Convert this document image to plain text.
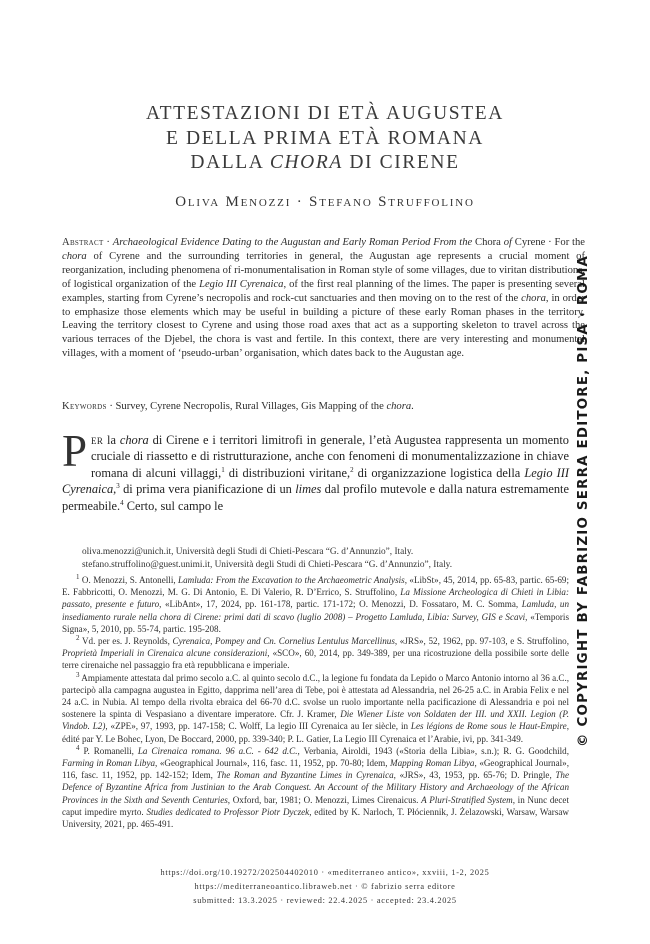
ATTESTAZIONI DI ETÀ AUGUSTEA
E DELLA PRIMA ETÀ ROMANA
DALLA CHORA DI CIRENE
Oliva Menozzi · Stefano Struffolino
Abstract · Archaeological Evidence Dating to the Augustan and Early Roman Period From the Chora of Cyrene · For the chora of Cyrene and the surrounding territories in general, the Augustan age represents a crucial moment of reorganization, including phenomena of ri-monumentalisation in Roman style of some villages, due to viritan distributions, of logistical organization of the Legio III Cyrenaica, of the first real planning of the limes. The paper is presenting several examples, starting from Cyrene’s necropolis and rock-cut sanctuaries and then moving on to the rest of the chora, in order to emphasize those elements which may be useful in building a picture of these early Roman phases in the territory. Leaving the territory closest to Cyrene and using those road axes that act as a supporting skeleton to travel across the various terraces of the Djebel, the chora is vast and fertile. In this context, there are very interesting and monumental villages, with a moment of ‘pseudo-urban’ organisation, which dates back to the Augustan age.
Keywords · Survey, Cyrene Necropolis, Rural Villages, Gis Mapping of the chora.
Per la chora di Cirene e i territori limitrofi in generale, l’età Augustea rappresenta un momento cruciale di riassetto e di ristrutturazione, anche con fenomeni di monumentalizzazione in chiave romana di alcuni villaggi,$^1$ di distribuzioni viritane,$^2$ di organizzazione logistica della Legio III Cyrenaica,$^3$ di prima vera pianificazione di un limes dal profilo mutevole e dalla natura estremamente permeabile.$^4$ Certo, sul campo le
oliva.menozzi@unich.it, Università degli Studi di Chieti-Pescara “G. d’Annunzio”, Italy.
stefano.struffolino@guest.unimi.it, Università degli Studi di Chieti-Pescara “G. d’Annunzio”, Italy.
$^1$ O. Menozzi, S. Antonelli, Lamluda: From the Excavation to the Archaeometric Analysis, «LibSt», 45, 2014, pp. 65-83, partic. 65-69; E. Fabbricotti, O. Menozzi, M. G. Di Antonio, E. Di Valerio, R. D’Errico, S. Struffolino, La Missione Archeologica di Chieti in Libia: passato, presente e futuro, «LibAnt», 17, 2024, pp. 161-178, partic. 171-172; O. Menozzi, D. Fossataro, M. C. Somma, Lamluda, un insediamento rurale nella chora di Cirene: primi dati di scavo (luglio 2008) – Progetto Lamluda, Libia: Survey, GIS e Scavi, «Temporis Signa», 5, 2010, pp. 55-74, partic. 195-208.
$^2$ Vd. per es. J. Reynolds, Cyrenaica, Pompey and Cn. Cornelius Lentulus Marcellinus, «JRS», 52, 1962, pp. 97-103, e S. Struffolino, Proprietà Imperiali in Cirenaica alcune considerazioni, «SCO», 60, 2014, pp. 349-389, per una ricostruzione della possibile sorte delle terre cirenaiche nel passaggio fra età repubblicana e imperiale.
$^3$ Ampiamente attestata dal primo secolo a.C. al quinto secolo d.C., la legione fu fondata da Lepido o Marco Antonio intorno al 36 a.C., partecipò alla campagna augustea in Egitto, dapprima nell’area di Tebe, poi è attestata ad Alessandria, nel 26-25 a.C. in Arabia Felix e nel 24 a.C. in Nubia. Al tempo della rivolta ebraica del 66-70 d.C. svolse un ruolo importante nella pacificazione di Alessandria e poi nel sostenere la spinta di Vespasiano a diventare imperatore. Cfr. J. Kramer, Die Wiener Liste von Soldaten der III. und XXII. Legion (P. Vindob. L2), «ZPE», 97, 1993, pp. 147-158; C. Wolff, La legio III Cyrenaica au Ier siècle, in Les légions de Rome sous le Haut-Empire, édité par Y. Le Bohec, Lyon, De Boccard, 2000, pp. 339-340; P. L. Gatier, La Legio III Cyrenaica et l’Arabie, ivi, pp. 341-349.
$^4$ P. Romanelli, La Cirenaica romana. 96 a.C. - 642 d.C., Verbania, Airoldi, 1943 («Storia della Libia», s.n.); R. G. Goodchild, Farming in Roman Libya, «Geographical Journal», 116, fasc. 11, 1952, pp. 70-80; Idem, Mapping Roman Libya, «Geographical Journal», 116, fasc. 11, 1952, pp. 142-152; Idem, The Roman and Byzantine Limes in Cyrenaica, «JRS», 43, 1953, pp. 65-76; D. Pringle, The Defence of Byzantine Africa from Justinian to the Arab Conquest. An Account of the Military History and Archaeology of the African Provinces in the Sixth and Seventh Centuries, Oxford, bar, 1981; O. Menozzi, Limes Cirenaicus. A Pluri-Stratified System, in Nunc decet caput impedire myrto. Studies dedicated to Professor Piotr Dyczek, edited by K. Narloch, T. Płóciennik, J. Żelazowski, Warsaw, Warsaw University, 2021, pp. 465-491.
https://doi.org/10.19272/202504402010 · «mediterraneo antico», xxviii, 1-2, 2025
https://mediterraneoantico.libraweb.net · © fabrizio serra editore
submitted: 13.3.2025 · reviewed: 22.4.2025 · accepted: 23.4.2025
© COPYRIGHT BY FABRIZIO SERRA EDITORE, PISA · ROMA
